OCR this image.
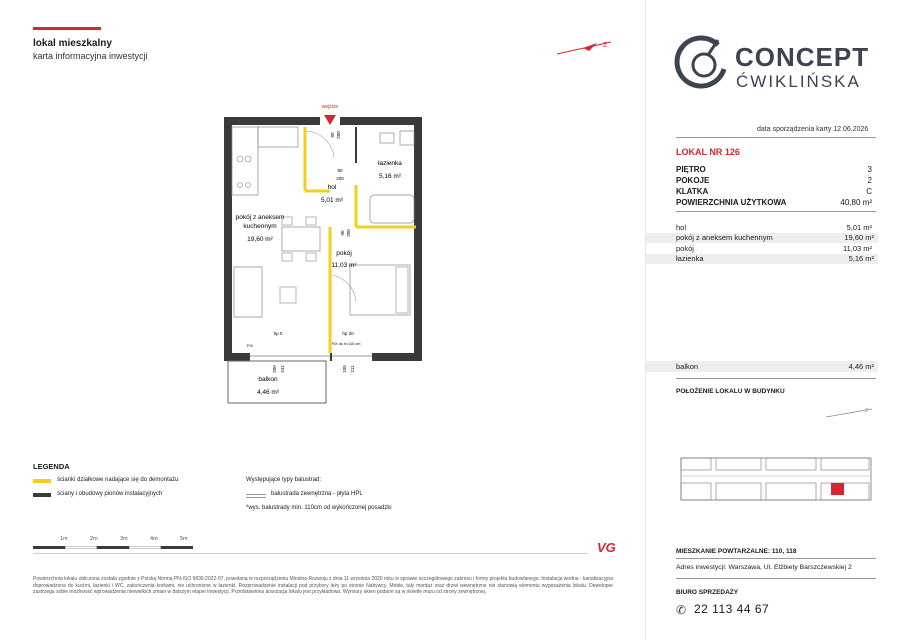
lokal mieszkalny
karta informacyjna inwestycji
Z	CONCEPT
ĆWIKLIŃSKA
wejście
łazienka
5,16 m²
hol
5,01 m²
pokój z aneksem
kuchennym
19,60 m²
pokój
11,03 m²
balkon
4,46 m²
90 200
80
200
90 200
hp 0	hp 20
FIX	FIX do h=110 cm
200 241	105 211
data sporządzenia karty 12.06.2026
LOKAL NR 126
PIĘTRO	3
POKOJE	2
KLATKA	C
POWIERZCHNIA UŻYTKOWA	40,80 m²
hol	5,01 m²
pokój z aneksem kuchennym	19,60 m²
pokój	11,03 m²
łazienka	5,16 m²
balkon	4,46 m²
POŁOŻENIE LOKALU W BUDYNKU
Z
MIESZKANIE POWTARZALNE: 110, 118
Adres inwestycji: Warszawa, Ul. Elżbiety Barszczewskiej 2
BIURO SPRZEDAŻY
✆ 22 113 44 67
LEGENDA
ścianki działkowe nadające się do demontażu
ściany i obudowy pionów instalacyjnych
Występujące typy balustrad:
balustrada zewnętrzna - płyta HPL
*wys. balustrady min. 110cm od wykończonej posadzki
1m	2m	3m	4m	5m
VG
Powierzchnia lokalu obliczona została zgodnie z Polską Normą PN-ISO 9836:2022-07, powołaną w rozporządzeniu Ministra Rozwoju z dnia 11 września 2020 roku w sprawie szczegółowego zakresu i formy projektu budowlanego. Instalacja wodna - kanalizacyjna doprowadzona do kuchni, łazienki i WC, zakończenia korkami, nie uchronione w łazienki. Rozprowadzenie instalacji pod przybory leży po stronie Nabywcy. Meble, tuły montaż oraz drzwi wewnętrzne nie stanowią elementu wyposażenia lokalu. Deweloper zastrzega sobie możliwość wprowadzenia niewielkich zmian w dalszym etapie inwestycji. Przedstawiona aranżacja lokalu jest przykładowa. Wymiary okien podane są w świetle muru od strony zewnętrznej.
